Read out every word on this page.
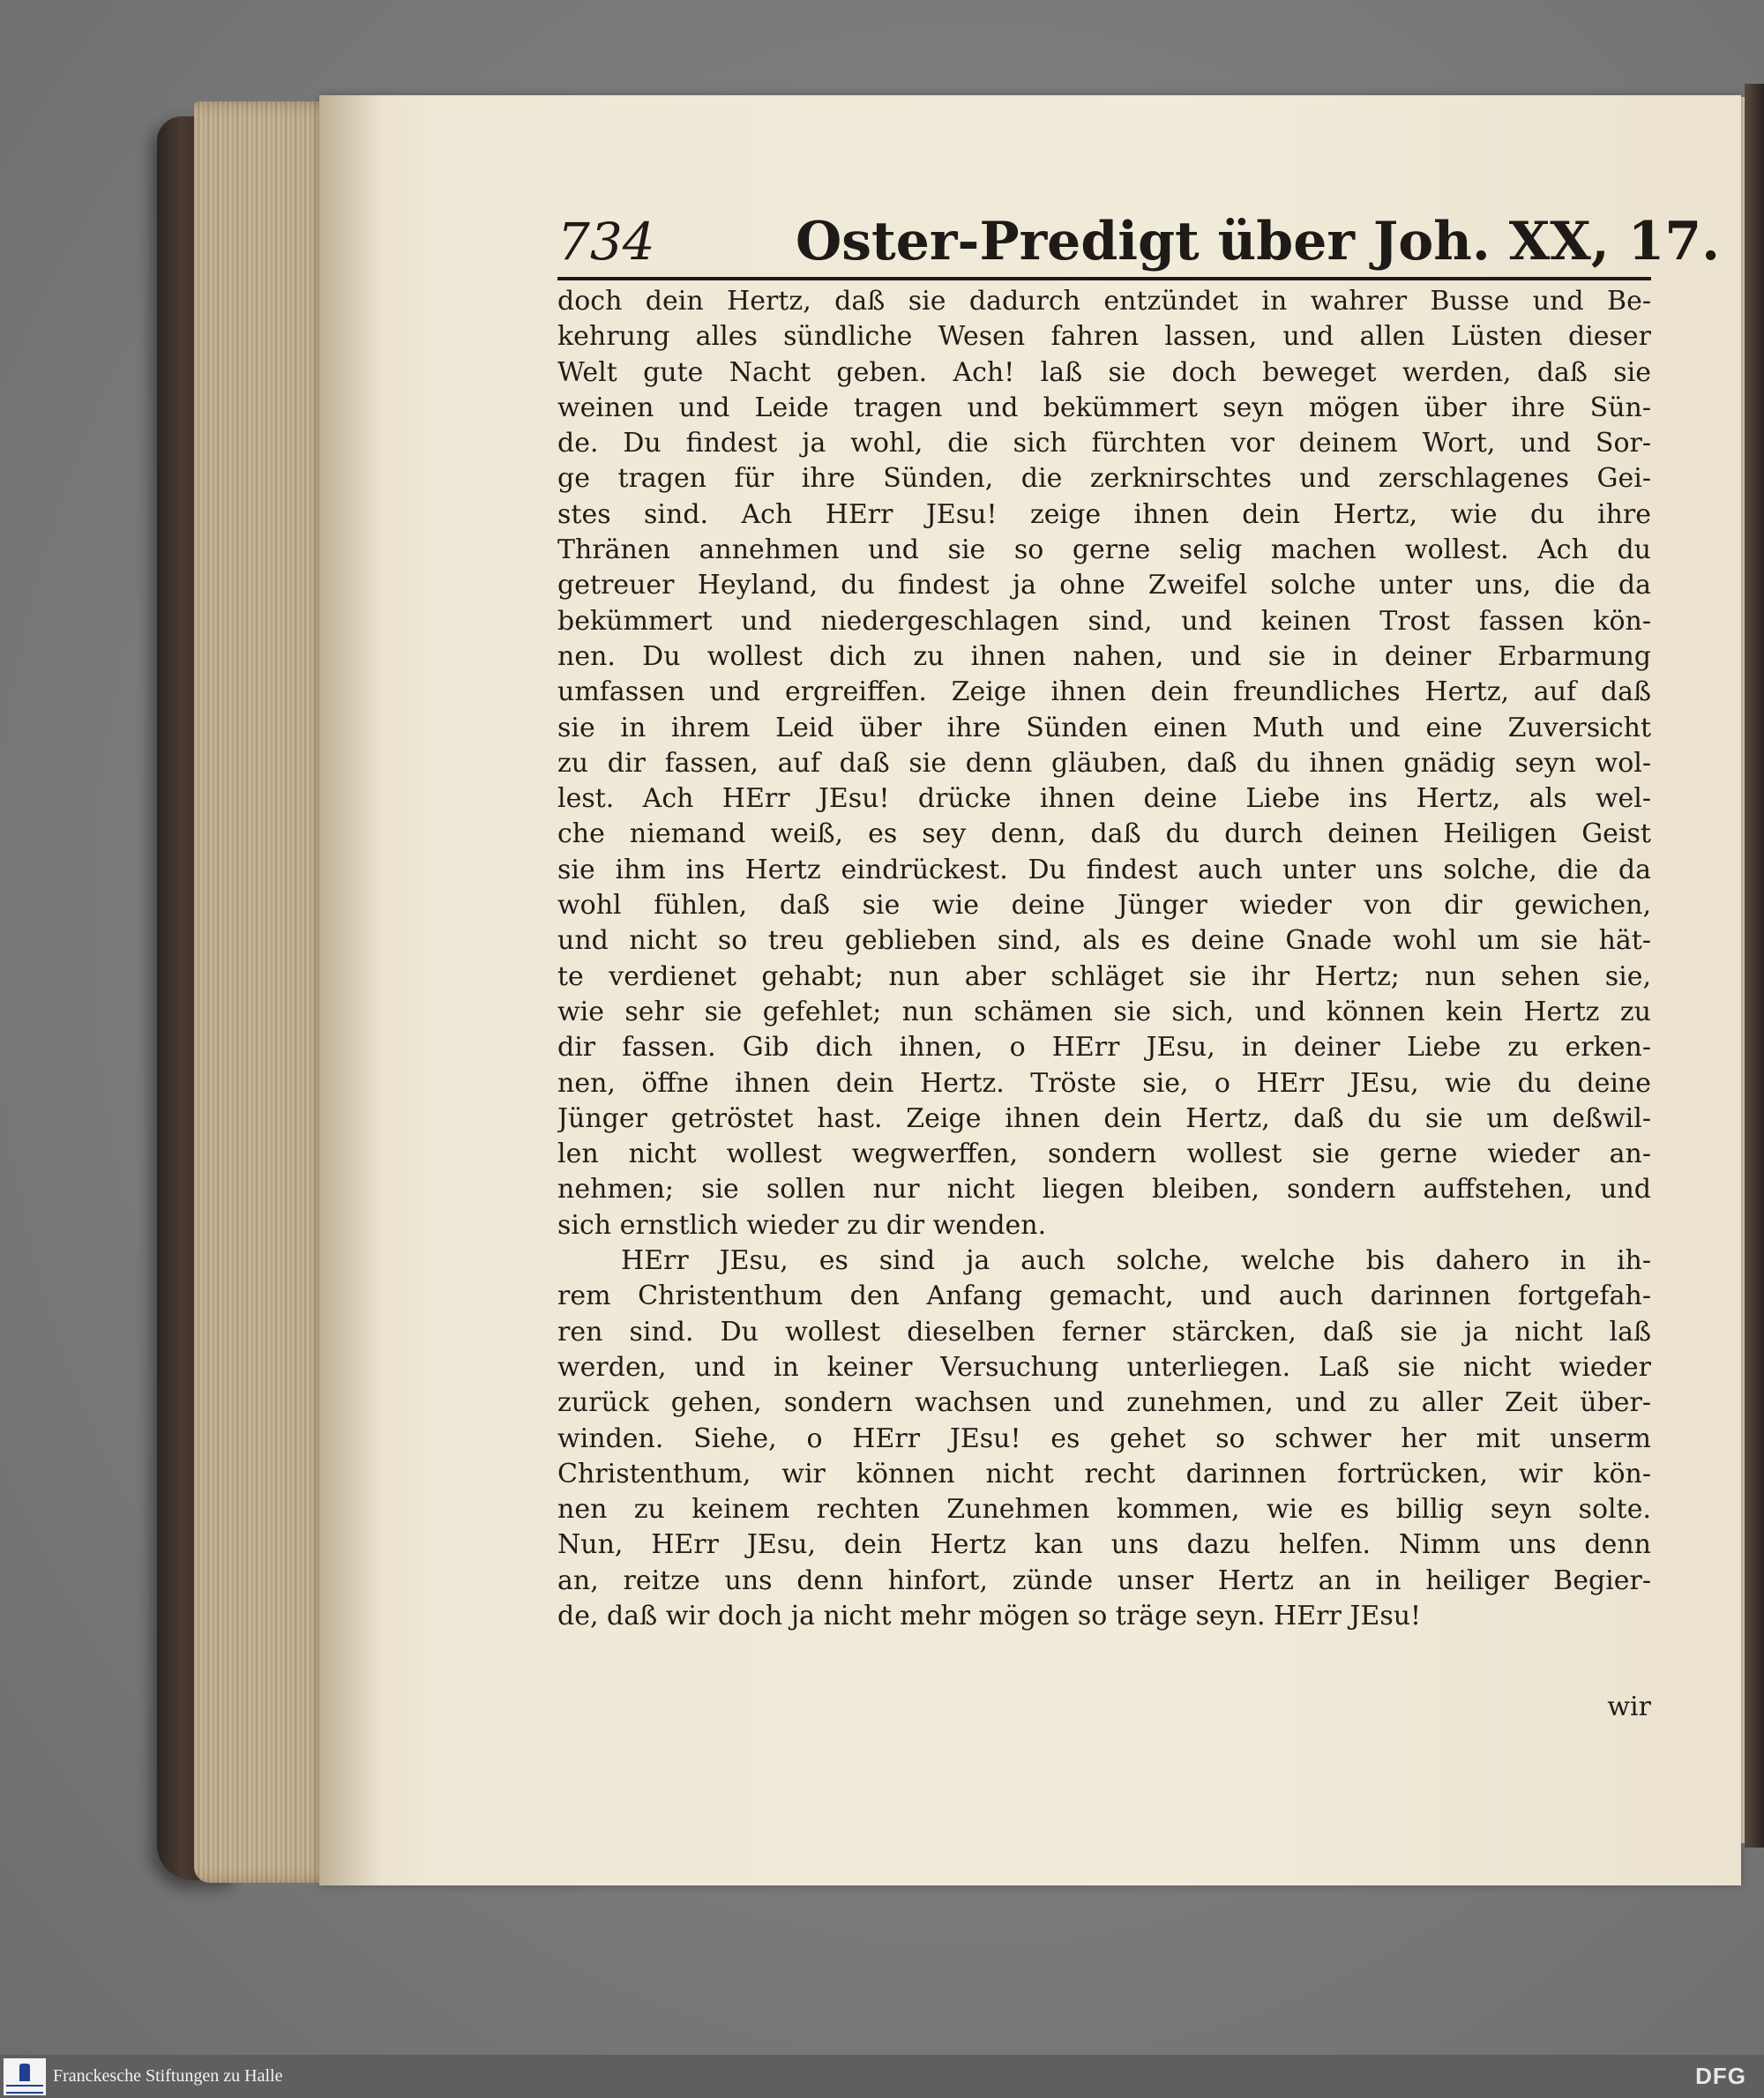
734	Oster-Predigt über Joh. XX, 17.
doch dein Hertz, daß sie dadurch entzündet in wahrer Busse und Be-
kehrung alles sündliche Wesen fahren lassen, und allen Lüsten dieser
Welt gute Nacht geben. Ach! laß sie doch beweget werden, daß sie
weinen und Leide tragen und bekümmert seyn mögen über ihre Sün-
de. Du findest ja wohl, die sich fürchten vor deinem Wort, und Sor-
ge tragen für ihre Sünden, die zerknirschtes und zerschlagenes Gei-
stes sind. Ach HErr JEsu! zeige ihnen dein Hertz, wie du ihre
Thränen annehmen und sie so gerne selig machen wollest. Ach du
getreuer Heyland, du findest ja ohne Zweifel solche unter uns, die da
bekümmert und niedergeschlagen sind, und keinen Trost fassen kön-
nen. Du wollest dich zu ihnen nahen, und sie in deiner Erbarmung
umfassen und ergreiffen. Zeige ihnen dein freundliches Hertz, auf daß
sie in ihrem Leid über ihre Sünden einen Muth und eine Zuversicht
zu dir fassen, auf daß sie denn gläuben, daß du ihnen gnädig seyn wol-
lest. Ach HErr JEsu! drücke ihnen deine Liebe ins Hertz, als wel-
che niemand weiß, es sey denn, daß du durch deinen Heiligen Geist
sie ihm ins Hertz eindrückest. Du findest auch unter uns solche, die da
wohl fühlen, daß sie wie deine Jünger wieder von dir gewichen,
und nicht so treu geblieben sind, als es deine Gnade wohl um sie hät-
te verdienet gehabt; nun aber schläget sie ihr Hertz; nun sehen sie,
wie sehr sie gefehlet; nun schämen sie sich, und können kein Hertz zu
dir fassen. Gib dich ihnen, o HErr JEsu, in deiner Liebe zu erken-
nen, öffne ihnen dein Hertz. Tröste sie, o HErr JEsu, wie du deine
Jünger getröstet hast. Zeige ihnen dein Hertz, daß du sie um deßwil-
len nicht wollest wegwerffen, sondern wollest sie gerne wieder an-
nehmen; sie sollen nur nicht liegen bleiben, sondern auffstehen, und
sich ernstlich wieder zu dir wenden.
HErr JEsu, es sind ja auch solche, welche bis dahero in ih-
rem Christenthum den Anfang gemacht, und auch darinnen fortgefah-
ren sind. Du wollest dieselben ferner stärcken, daß sie ja nicht laß
werden, und in keiner Versuchung unterliegen. Laß sie nicht wieder
zurück gehen, sondern wachsen und zunehmen, und zu aller Zeit über-
winden. Siehe, o HErr JEsu! es gehet so schwer her mit unserm
Christenthum, wir können nicht recht darinnen fortrücken, wir kön-
nen zu keinem rechten Zunehmen kommen, wie es billig seyn solte.
Nun, HErr JEsu, dein Hertz kan uns dazu helfen. Nimm uns denn
an, reitze uns denn hinfort, zünde unser Hertz an in heiliger Begier-
de, daß wir doch ja nicht mehr mögen so träge seyn. HErr JEsu!
wir
Franckesche Stiftungen zu Halle	DFG
